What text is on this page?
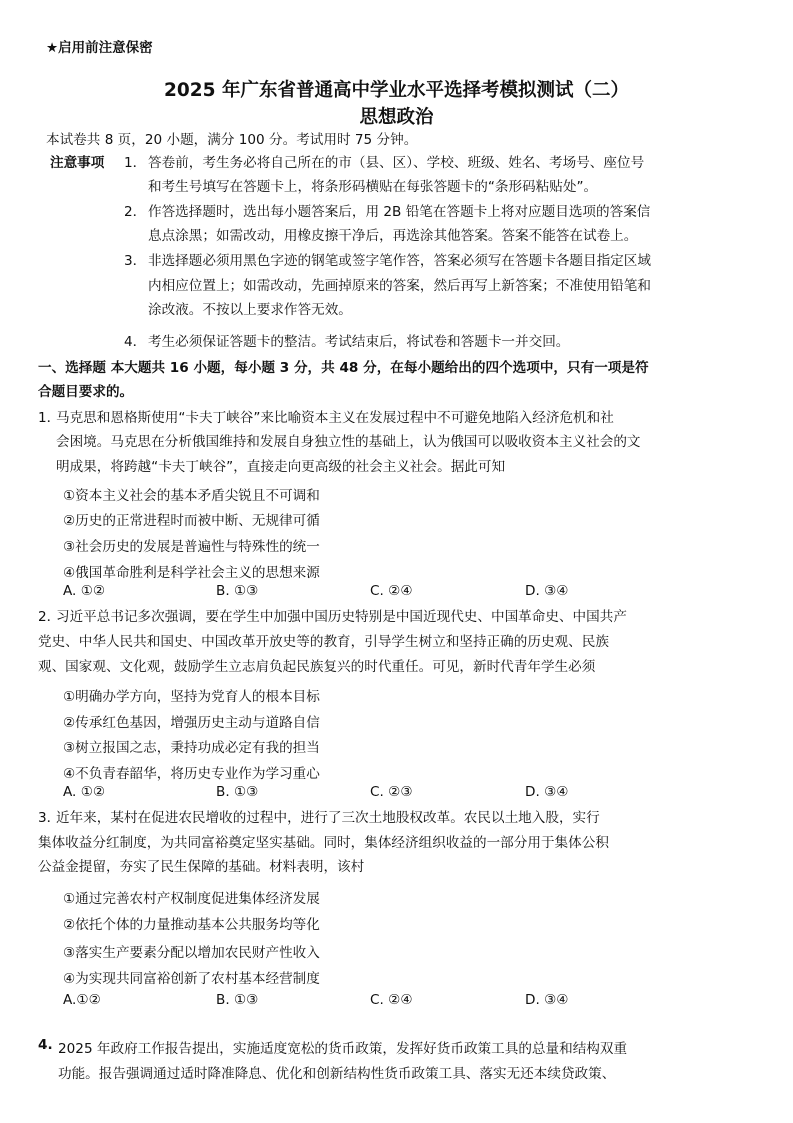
★启用前注意保密
2025 年广东省普通高中学业水平选择考模拟测试（二）
思想政治
本试卷共 8 页，20 小题，满分 100 分。考试用时 75 分钟。
注意事项 1． 答卷前，考生务必将自己所在的市（县、区）、学校、班级、姓名、考场号、座位号
和考生号填写在答题卡上，将条形码横贴在每张答题卡的“条形码粘贴处”。
2． 作答选择题时，选出每小题答案后，用 2B 铅笔在答题卡上将对应题目选项的答案信
息点涂黑；如需改动，用橡皮擦干净后，再选涂其他答案。答案不能答在试卷上。
3． 非选择题必须用黑色字迹的钢笔或签字笔作答，答案必须写在答题卡各题目指定区域
内相应位置上；如需改动，先画掉原来的答案，然后再写上新答案；不准使用铅笔和
涂改液。不按以上要求作答无效。
4． 考生必须保证答题卡的整洁。考试结束后，将试卷和答题卡一并交回。
一、选择题 本大题共 16 小题，每小题 3 分，共 48 分，在每小题给出的四个选项中，只有一项是符
合题目要求的。
1．
马克思和恩格斯使用“卡夫丁峡谷”来比喻资本主义在发展过程中不可避免地陷入经济危机和社
会困境。马克思在分析俄国维持和发展自身独立性的基础上，认为俄国可以吸收资本主义社会的文
明成果，将跨越“卡夫丁峡谷”，直接走向更高级的社会主义社会。据此可知
①资本主义社会的基本矛盾尖锐且不可调和
②历史的正常进程时而被中断、无规律可循
③社会历史的发展是普遍性与特殊性的统一
④俄国革命胜利是科学社会主义的思想来源
A. ①②	B. ①③	C. ②④	D. ③④
2．
习近平总书记多次强调，要在学生中加强中国历史特别是中国近现代史、中国革命史、中国共产
党史、中华人民共和国史、中国改革开放史等的教育，引导学生树立和坚持正确的历史观、民族
观、国家观、文化观，鼓励学生立志肩负起民族复兴的时代重任。可见，新时代青年学生必须
①明确办学方向，坚持为党育人的根本目标
②传承红色基因，增强历史主动与道路自信
③树立报国之志，秉持功成必定有我的担当
④不负青春韶华，将历史专业作为学习重心
A. ①②	B. ①③	C. ②③	D. ③④
3．
近年来，某村在促进农民增收的过程中，进行了三次土地股权改革。农民以土地入股，实行
集体收益分红制度，为共同富裕奠定坚实基础。同时，集体经济组织收益的一部分用于集体公积
公益金提留，夯实了民生保障的基础。材料表明，该村
①通过完善农村产权制度促进集体经济发展
②依托个体的力量推动基本公共服务均等化
③落实生产要素分配以增加农民财产性收入
④为实现共同富裕创新了农村基本经营制度
A.①②	B. ①③	C. ②④	D. ③④
4. 2025 年政府工作报告提出，实施适度宽松的货币政策，发挥好货币政策工具的总量和结构双重
功能。报告强调通过适时降准降息、优化和创新结构性货币政策工具、落实无还本续贷政策、
